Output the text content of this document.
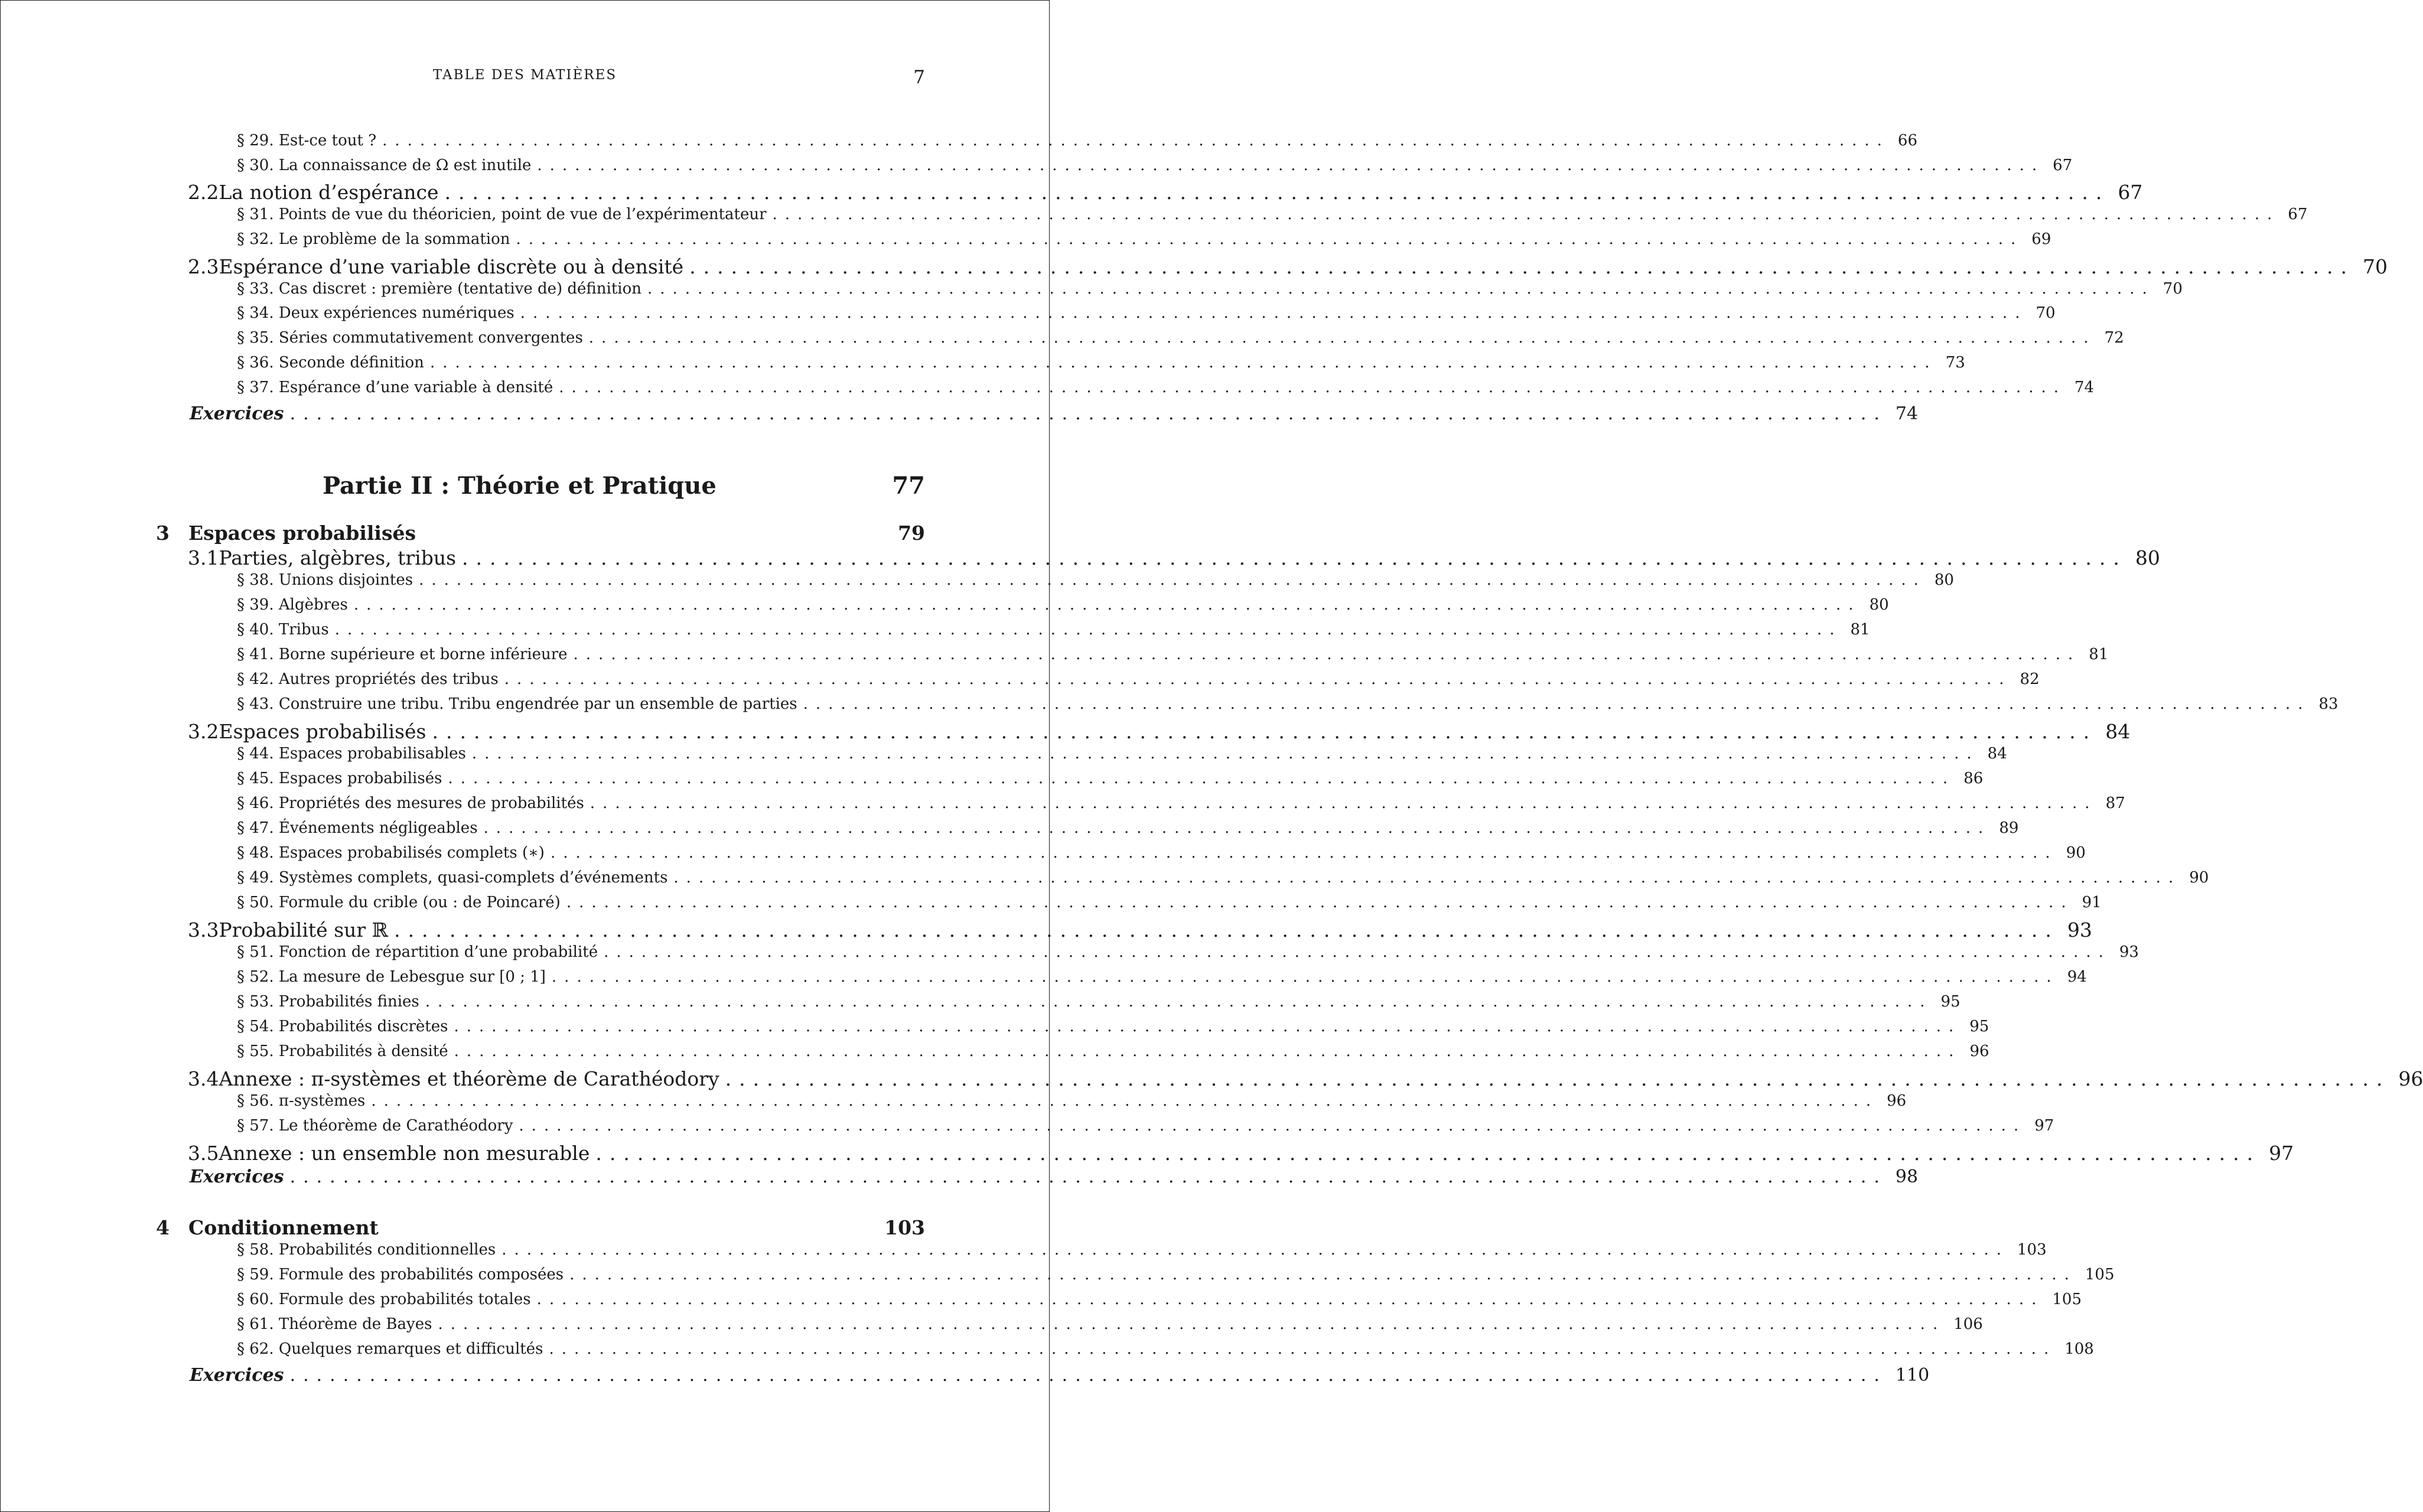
TABLE DES MATIÈRES	7
§ 29. Est-ce tout ? ........................................................................................................................ 66
§ 30. La connaissance de Ω est inutile ........................................................................................................................ 67
2.2 La notion d’espérance ........................................................................................................................ 67
§ 31. Points de vue du théoricien, point de vue de l’expérimentateur ........................................................................................................................ 67
§ 32. Le problème de la sommation ........................................................................................................................ 69
2.3 Espérance d’une variable discrète ou à densité ........................................................................................................................ 70
§ 33. Cas discret : première (tentative de) définition ........................................................................................................................ 70
§ 34. Deux expériences numériques ........................................................................................................................ 70
§ 35. Séries commutativement convergentes ........................................................................................................................ 72
§ 36. Seconde définition ........................................................................................................................ 73
§ 37. Espérance d’une variable à densité ........................................................................................................................ 74
Exercices ........................................................................................................................ 74
Partie II : Théorie et Pratique	77
3 Espaces probabilisés	79
3.1 Parties, algèbres, tribus ........................................................................................................................ 80
§ 38. Unions disjointes ........................................................................................................................ 80
§ 39. Algèbres ........................................................................................................................ 80
§ 40. Tribus ........................................................................................................................ 81
§ 41. Borne supérieure et borne inférieure ........................................................................................................................ 81
§ 42. Autres propriétés des tribus ........................................................................................................................ 82
§ 43. Construire une tribu. Tribu engendrée par un ensemble de parties ........................................................................................................................ 83
3.2 Espaces probabilisés ........................................................................................................................ 84
§ 44. Espaces probabilisables ........................................................................................................................ 84
§ 45. Espaces probabilisés ........................................................................................................................ 86
§ 46. Propriétés des mesures de probabilités ........................................................................................................................ 87
§ 47. Événements négligeables ........................................................................................................................ 89
§ 48. Espaces probabilisés complets (∗) ........................................................................................................................ 90
§ 49. Systèmes complets, quasi-complets d’événements ........................................................................................................................ 90
§ 50. Formule du crible (ou : de Poincaré) ........................................................................................................................ 91
3.3 Probabilité sur ℝ ........................................................................................................................ 93
§ 51. Fonction de répartition d’une probabilité ........................................................................................................................ 93
§ 52. La mesure de Lebesgue sur [0 ; 1] ........................................................................................................................ 94
§ 53. Probabilités finies ........................................................................................................................ 95
§ 54. Probabilités discrètes ........................................................................................................................ 95
§ 55. Probabilités à densité ........................................................................................................................ 96
3.4 Annexe : π-systèmes et théorème de Carathéodory ........................................................................................................................ 96
§ 56. π-systèmes ........................................................................................................................ 96
§ 57. Le théorème de Carathéodory ........................................................................................................................ 97
3.5 Annexe : un ensemble non mesurable ........................................................................................................................ 97
Exercices ........................................................................................................................ 98
4 Conditionnement	103
§ 58. Probabilités conditionnelles ........................................................................................................................ 103
§ 59. Formule des probabilités composées ........................................................................................................................ 105
§ 60. Formule des probabilités totales ........................................................................................................................ 105
§ 61. Théorème de Bayes ........................................................................................................................ 106
§ 62. Quelques remarques et difficultés ........................................................................................................................ 108
Exercices ........................................................................................................................ 110
